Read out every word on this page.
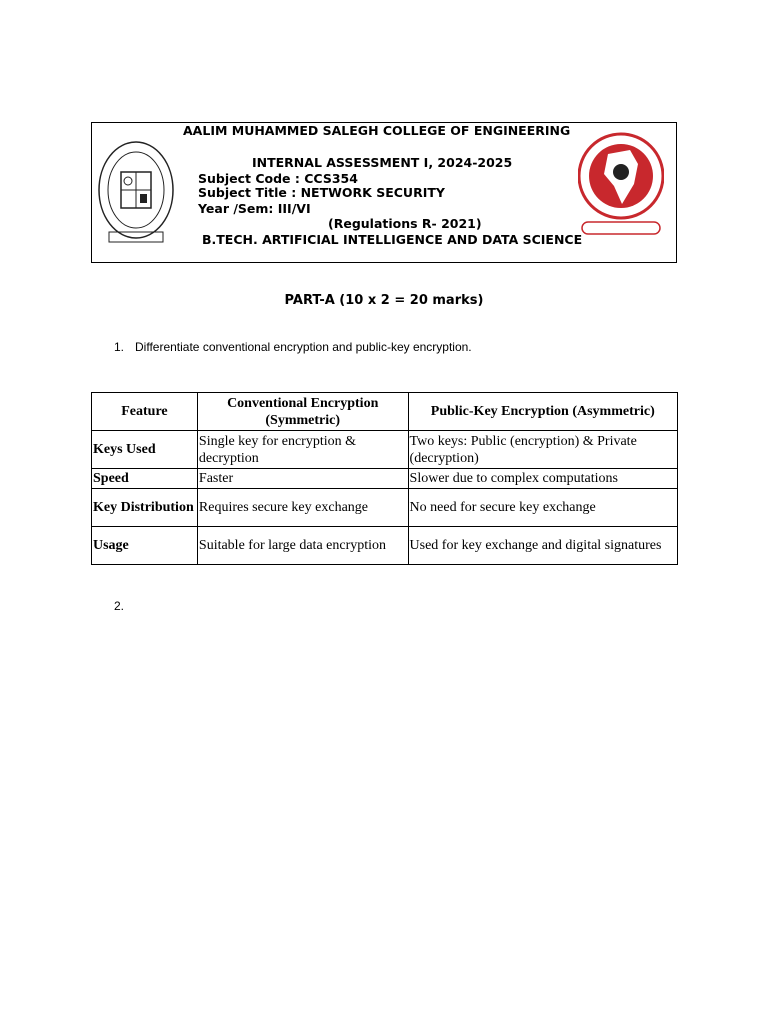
AALIM MUHAMMED SALEGH COLLEGE OF ENGINEERING
INTERNAL ASSESSMENT I, 2024-2025
Subject Code : CCS354
Subject Title : NETWORK SECURITY
Year /Sem: III/VI
(Regulations R- 2021)
B.TECH. ARTIFICIAL INTELLIGENCE AND DATA SCIENCE
PART-A (10 x 2 = 20 marks)
1. Differentiate conventional encryption and public-key encryption.
Feature	Conventional Encryption (Symmetric)	Public-Key Encryption (Asymmetric)
Keys Used	Single key for encryption & decryption	Two keys: Public (encryption) & Private (decryption)
Speed	Faster	Slower due to complex computations
Key Distribution	Requires secure key exchange	No need for secure key exchange
Usage	Suitable for large data encryption	Used for key exchange and digital signatures
2.
